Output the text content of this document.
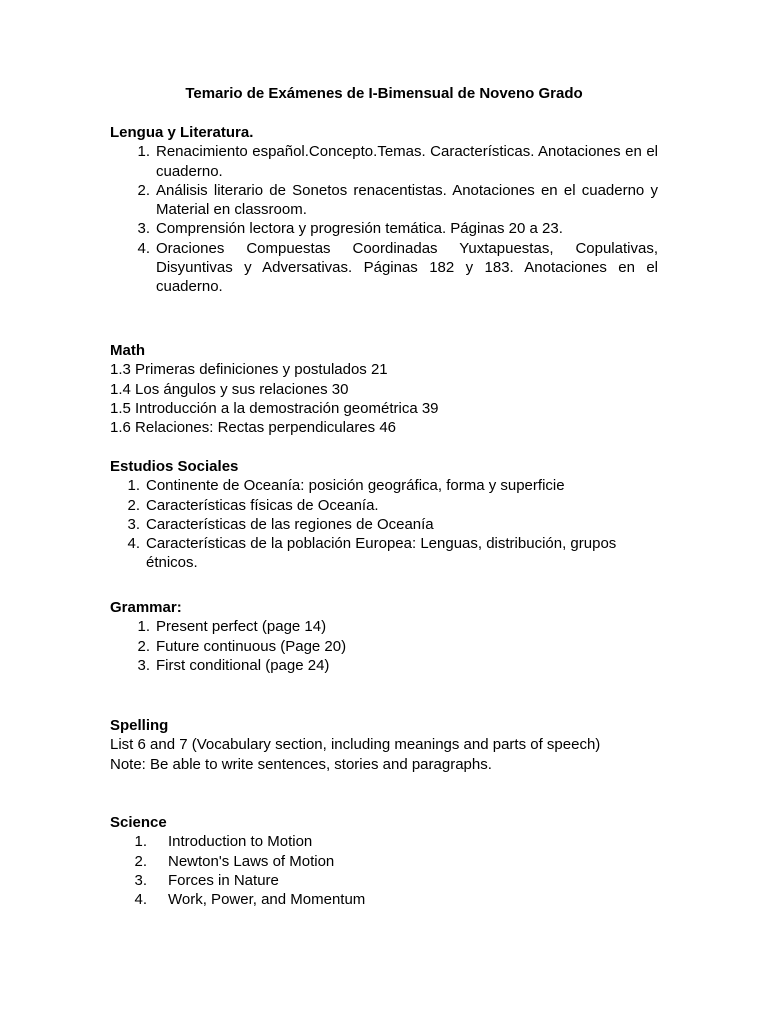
Temario de Exámenes de I-Bimensual de Noveno Grado
Lengua y Literatura.
1. Renacimiento español.Concepto.Temas. Características. Anotaciones en el cuaderno.
2. Análisis literario de Sonetos renacentistas. Anotaciones en el cuaderno y Material en classroom.
3. Comprensión lectora y progresión temática. Páginas 20 a 23.
4. Oraciones Compuestas Coordinadas Yuxtapuestas, Copulativas, Disyuntivas y Adversativas. Páginas 182 y 183. Anotaciones en el cuaderno.
Math
1.3 Primeras definiciones y postulados 21
1.4 Los ángulos y sus relaciones 30
1.5 Introducción a la demostración geométrica 39
1.6 Relaciones: Rectas perpendiculares 46
Estudios Sociales
1. Continente de Oceanía: posición geográfica, forma y superficie
2. Características físicas de Oceanía.
3. Características de las regiones de Oceanía
4. Características de la población Europea: Lenguas, distribución, grupos étnicos.
Grammar:
1. Present perfect (page 14)
2. Future continuous (Page 20)
3. First conditional (page 24)
Spelling
List 6 and 7 (Vocabulary section, including meanings and parts of speech)
Note: Be able to write sentences, stories and paragraphs.
Science
1. Introduction to Motion
2. Newton's Laws of Motion
3. Forces in Nature
4. Work, Power, and Momentum
